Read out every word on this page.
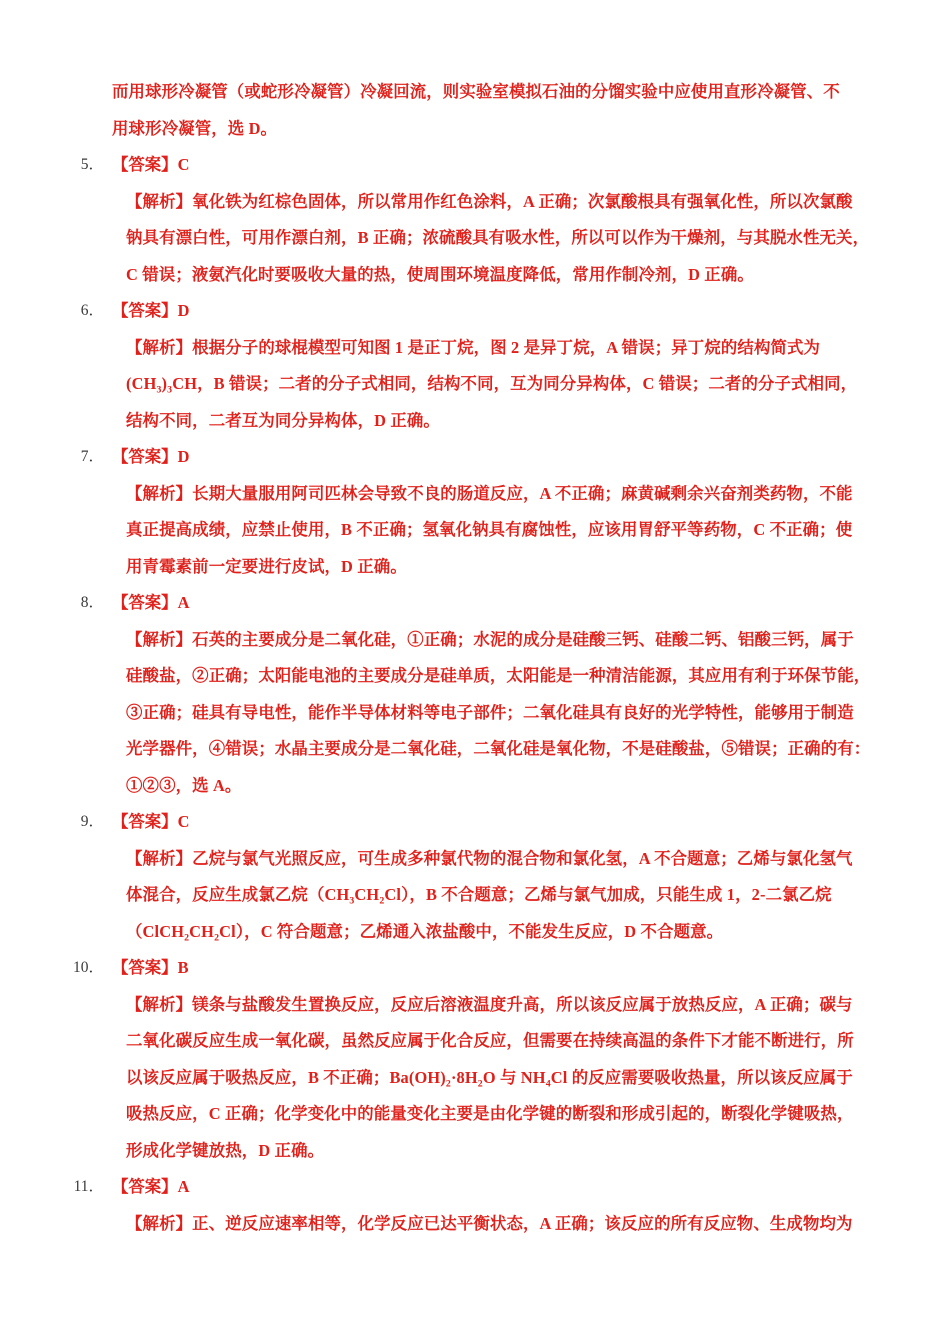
而用球形冷凝管（或蛇形冷凝管）冷凝回流，则实验室模拟石油的分馏实验中应使用直形冷凝管、不
用球形冷凝管，选 D。
5． 【答案】C
【解析】氧化铁为红棕色固体，所以常用作红色涂料，A 正确；次氯酸根具有强氧化性，所以次氯酸
钠具有漂白性，可用作漂白剂，B 正确；浓硫酸具有吸水性，所以可以作为干燥剂，与其脱水性无关，
C 错误；液氨汽化时要吸收大量的热，使周围环境温度降低，常用作制冷剂，D 正确。
6． 【答案】D
【解析】根据分子的球棍模型可知图 1 是正丁烷，图 2 是异丁烷，A 错误；异丁烷的结构简式为
(CH₃)₃CH，B 错误；二者的分子式相同，结构不同，互为同分异构体，C 错误；二者的分子式相同，
结构不同，二者互为同分异构体，D 正确。
7． 【答案】D
【解析】长期大量服用阿司匹林会导致不良的肠道反应，A 不正确；麻黄碱剩余兴奋剂类药物，不能
真正提高成绩，应禁止使用，B 不正确；氢氧化钠具有腐蚀性，应该用胃舒平等药物，C 不正确；使
用青霉素前一定要进行皮试，D 正确。
8． 【答案】A
【解析】石英的主要成分是二氧化硅，①正确；水泥的成分是硅酸三钙、硅酸二钙、铝酸三钙，属于
硅酸盐，②正确；太阳能电池的主要成分是硅单质，太阳能是一种清洁能源，其应用有利于环保节能，
③正确；硅具有导电性，能作半导体材料等电子部件；二氧化硅具有良好的光学特性，能够用于制造
光学器件，④错误；水晶主要成分是二氧化硅，二氧化硅是氧化物，不是硅酸盐，⑤错误；正确的有：
①②③，选 A。
9． 【答案】C
【解析】乙烷与氯气光照反应，可生成多种氯代物的混合物和氯化氢，A 不合题意；乙烯与氯化氢气
体混合，反应生成氯乙烷（CH₃CH₂Cl），B 不合题意；乙烯与氯气加成，只能生成 1，2-二氯乙烷
（ClCH₂CH₂Cl），C 符合题意；乙烯通入浓盐酸中，不能发生反应，D 不合题意。
10． 【答案】B
【解析】镁条与盐酸发生置换反应，反应后溶液温度升高，所以该反应属于放热反应，A 正确；碳与
二氧化碳反应生成一氧化碳，虽然反应属于化合反应，但需要在持续高温的条件下才能不断进行，所
以该反应属于吸热反应，B 不正确；Ba(OH)₂·8H₂O 与 NH₄Cl 的反应需要吸收热量，所以该反应属于
吸热反应，C 正确；化学变化中的能量变化主要是由化学键的断裂和形成引起的，断裂化学键吸热，
形成化学键放热，D 正确。
11． 【答案】A
【解析】正、逆反应速率相等，化学反应已达平衡状态，A 正确；该反应的所有反应物、生成物均为
